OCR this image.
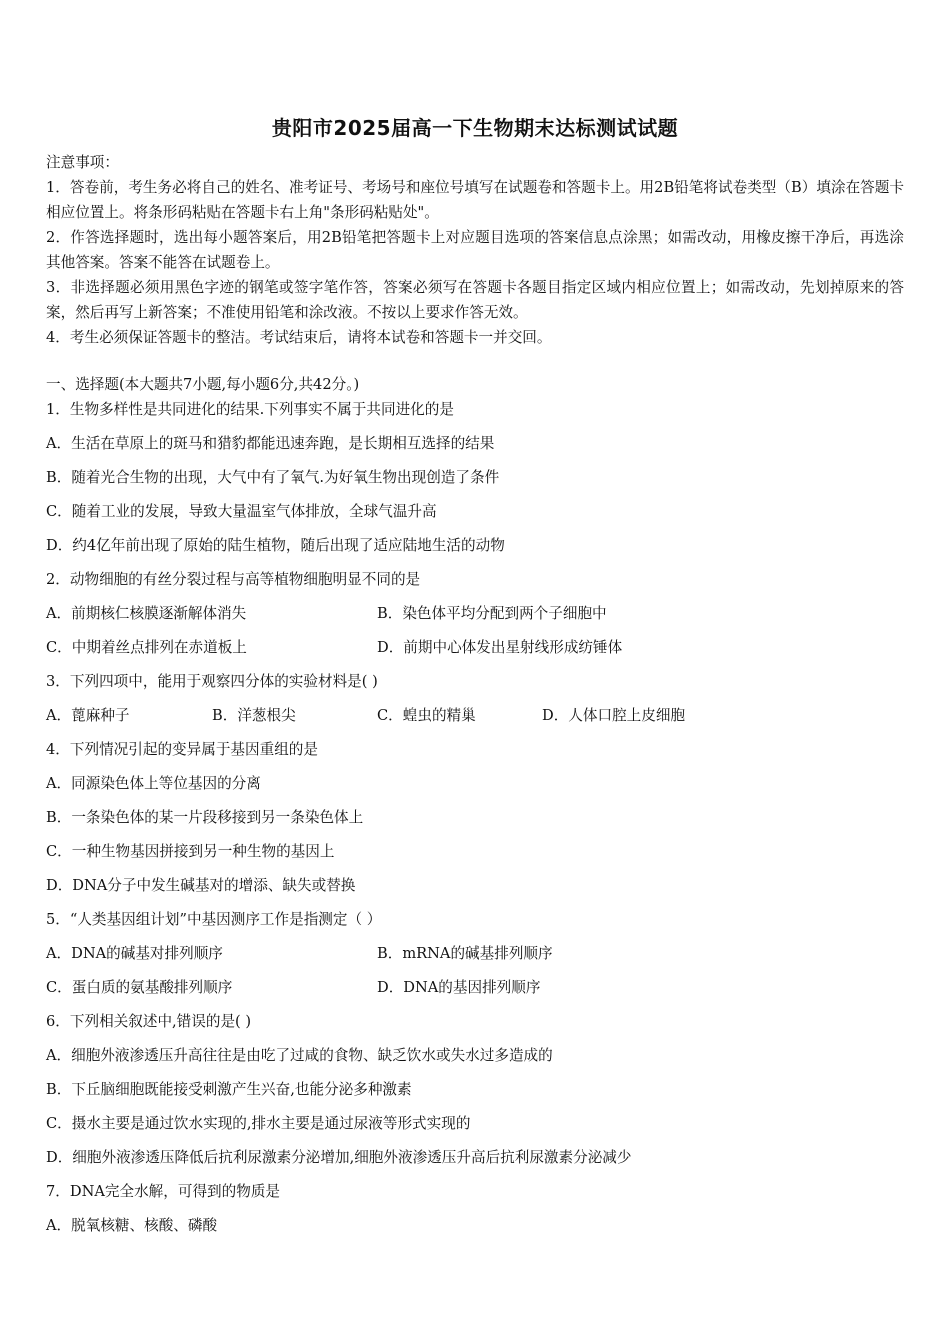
贵阳市2025届高一下生物期末达标测试试题

注意事项：

1．答卷前，考生务必将自己的姓名、准考证号、考场号和座位号填写在试题卷和答题卡上。用2B铅笔将试卷类型（B）填涂在答题卡相应位置上。将条形码粘贴在答题卡右上角"条形码粘贴处"。

2．作答选择题时，选出每小题答案后，用2B铅笔把答题卡上对应题目选项的答案信息点涂黑；如需改动，用橡皮擦干净后，再选涂其他答案。答案不能答在试题卷上。

3．非选择题必须用黑色字迹的钢笔或签字笔作答，答案必须写在答题卡各题目指定区域内相应位置上；如需改动，先划掉原来的答案，然后再写上新答案；不准使用铅笔和涂改液。不按以上要求作答无效。

4．考生必须保证答题卡的整洁。考试结束后，请将本试卷和答题卡一并交回。

一、选择题(本大题共7小题,每小题6分,共42分。)
1．生物多样性是共同进化的结果.下列事实不属于共同进化的是
A．生活在草原上的斑马和猎豹都能迅速奔跑，是长期相互选择的结果
B．随着光合生物的出现，大气中有了氧气.为好氧生物出现创造了条件
C．随着工业的发展，导致大量温室气体排放，全球气温升高
D．约4亿年前出现了原始的陆生植物，随后出现了适应陆地生活的动物
2．动物细胞的有丝分裂过程与高等植物细胞明显不同的是
A．前期核仁核膜逐渐解体消失	B．染色体平均分配到两个子细胞中
C．中期着丝点排列在赤道板上	D．前期中心体发出星射线形成纺锤体
3．下列四项中，能用于观察四分体的实验材料是( )
A．蓖麻种子	B．洋葱根尖	C．蝗虫的精巢	D．人体口腔上皮细胞
4．下列情况引起的变异属于基因重组的是
A．同源染色体上等位基因的分离
B．一条染色体的某一片段移接到另一条染色体上
C．一种生物基因拼接到另一种生物的基因上
D．DNA分子中发生碱基对的增添、缺失或替换
5．“人类基因组计划”中基因测序工作是指测定（ ）
A．DNA的碱基对排列顺序	B．mRNA的碱基排列顺序
C．蛋白质的氨基酸排列顺序	D．DNA的基因排列顺序
6．下列相关叙述中,错误的是( )
A．细胞外液渗透压升高往往是由吃了过咸的食物、缺乏饮水或失水过多造成的
B．下丘脑细胞既能接受刺激产生兴奋,也能分泌多种激素
C．摄水主要是通过饮水实现的,排水主要是通过尿液等形式实现的
D．细胞外液渗透压降低后抗利尿激素分泌增加,细胞外液渗透压升高后抗利尿激素分泌减少
7．DNA完全水解，可得到的物质是
A．脱氧核糖、核酸、磷酸
